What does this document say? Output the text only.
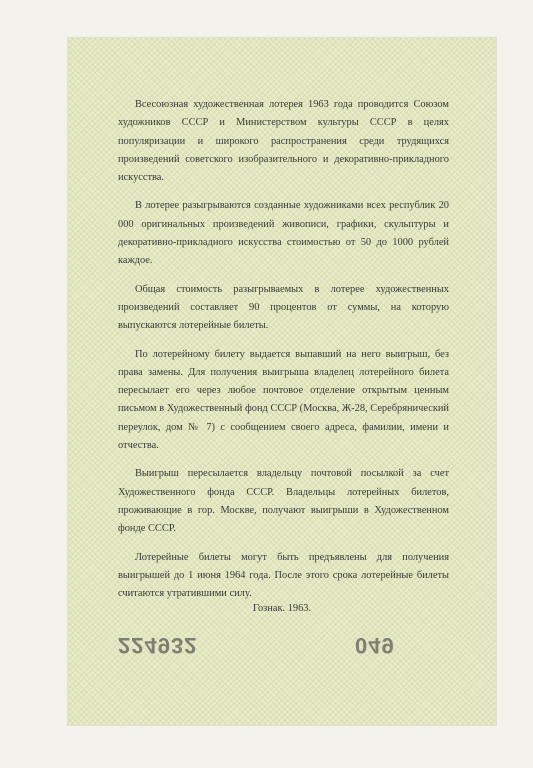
Всесоюзная художественная лотерея 1963 года проводится Союзом художников СССР и Министерством культуры СССР в целях популяризации и широкого распространения среди трудящихся произведений советского изобразительного и декоративно-прикладного искусства.

В лотерее разыгрываются созданные художниками всех республик 20 000 оригинальных произведений живописи, графики, скульптуры и декоративно-прикладного искусства стоимостью от 50 до 1000 рублей каждое.

Общая стоимость разыгрываемых в лотерее художественных произведений составляет 90 процентов от суммы, на которую выпускаются лотерейные билеты.

По лотерейному билету выдается выпавший на него выигрыш, без права замены. Для получения выигрыша владелец лотерейного билета пересылает его через любое почтовое отделение открытым ценным письмом в Художественный фонд СССР (Москва, Ж-28, Серебрянический переулок, дом № 7) с сообщением своего адреса, фамилии, имени и отчества.

Выигрыш пересылается владельцу почтовой посылкой за счет Художественного фонда СССР. Владельцы лотерейных билетов, проживающие в гор. Москве, получают выигрыши в Художественном фонде СССР.

Лотерейные билеты могут быть предъявлены для получения выигрышей до 1 июня 1964 года. После этого срока лотерейные билеты считаются утратившими силу.

Гознак. 1963.
224932	049
